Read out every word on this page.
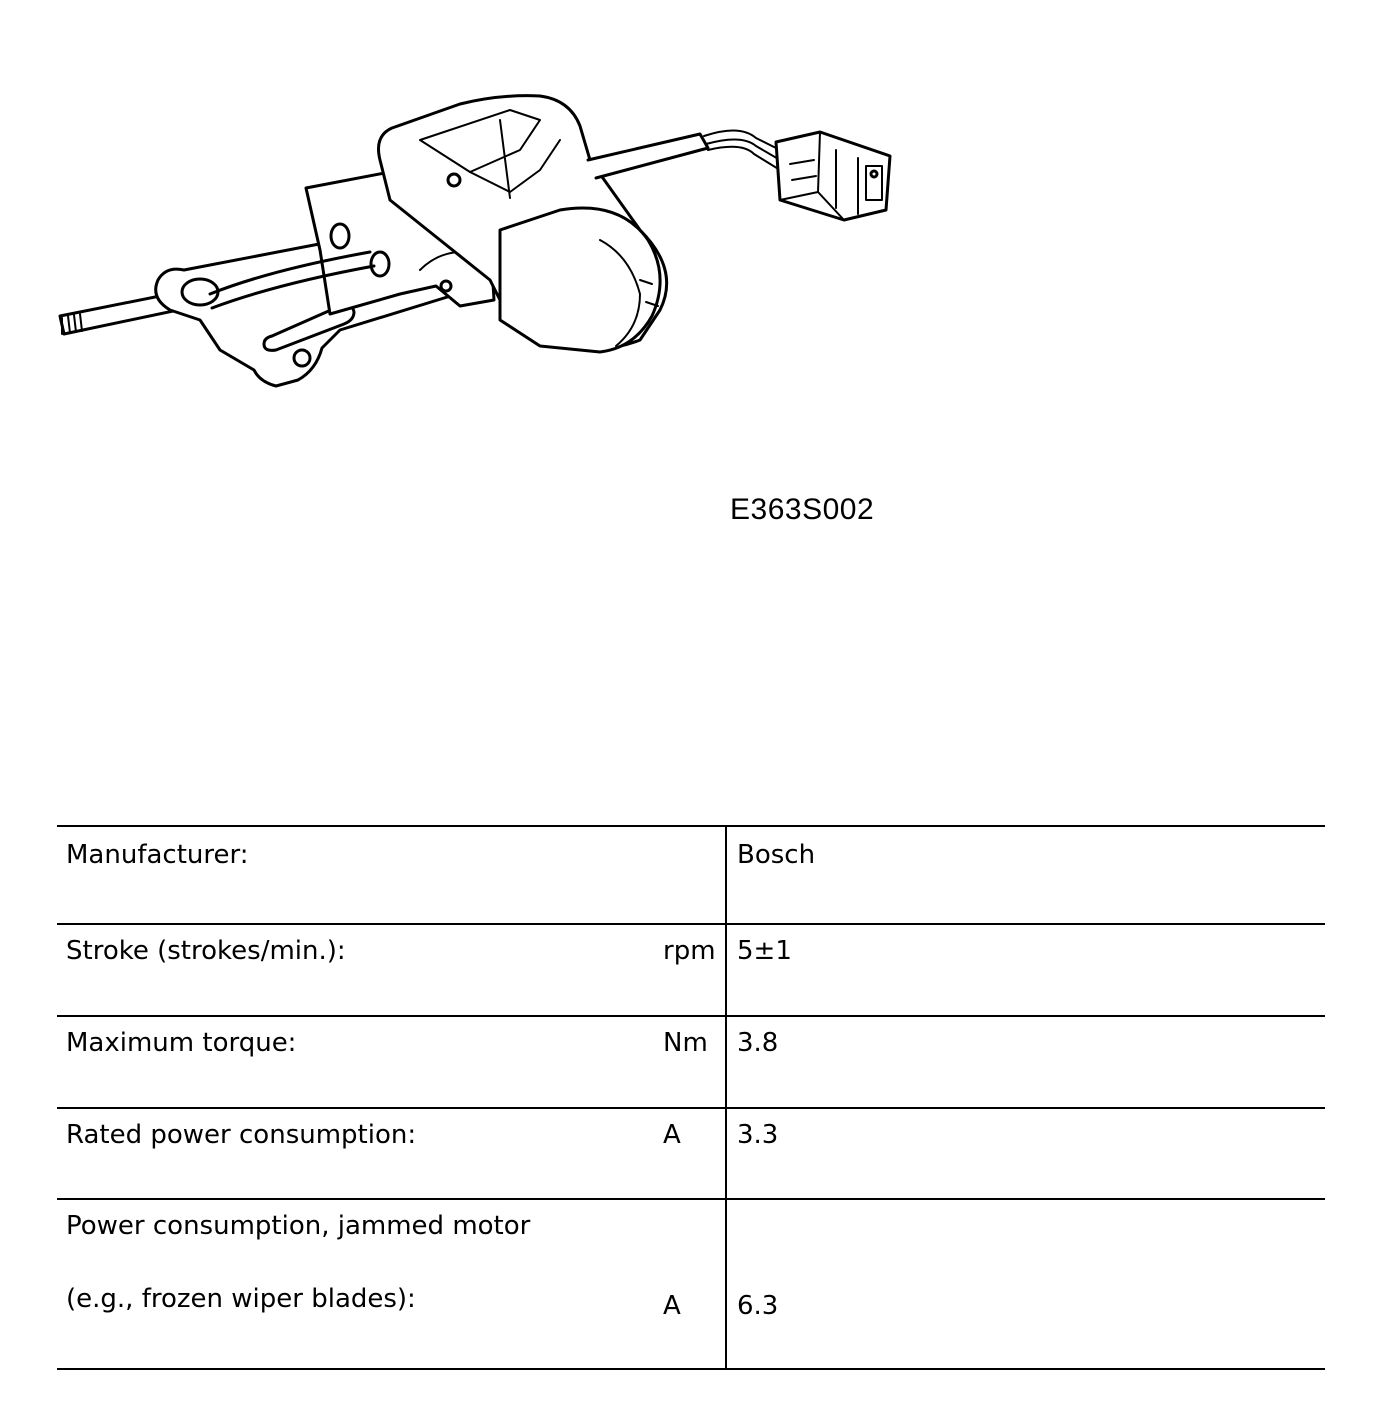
E363S002
Manufacturer:	Bosch

Stroke (strokes/min.): rpm	5±1

Maximum torque: Nm	3.8

Rated power consumption: A	3.3

Power consumption, jammed motor
(e.g., frozen wiper blades): A	6.3
